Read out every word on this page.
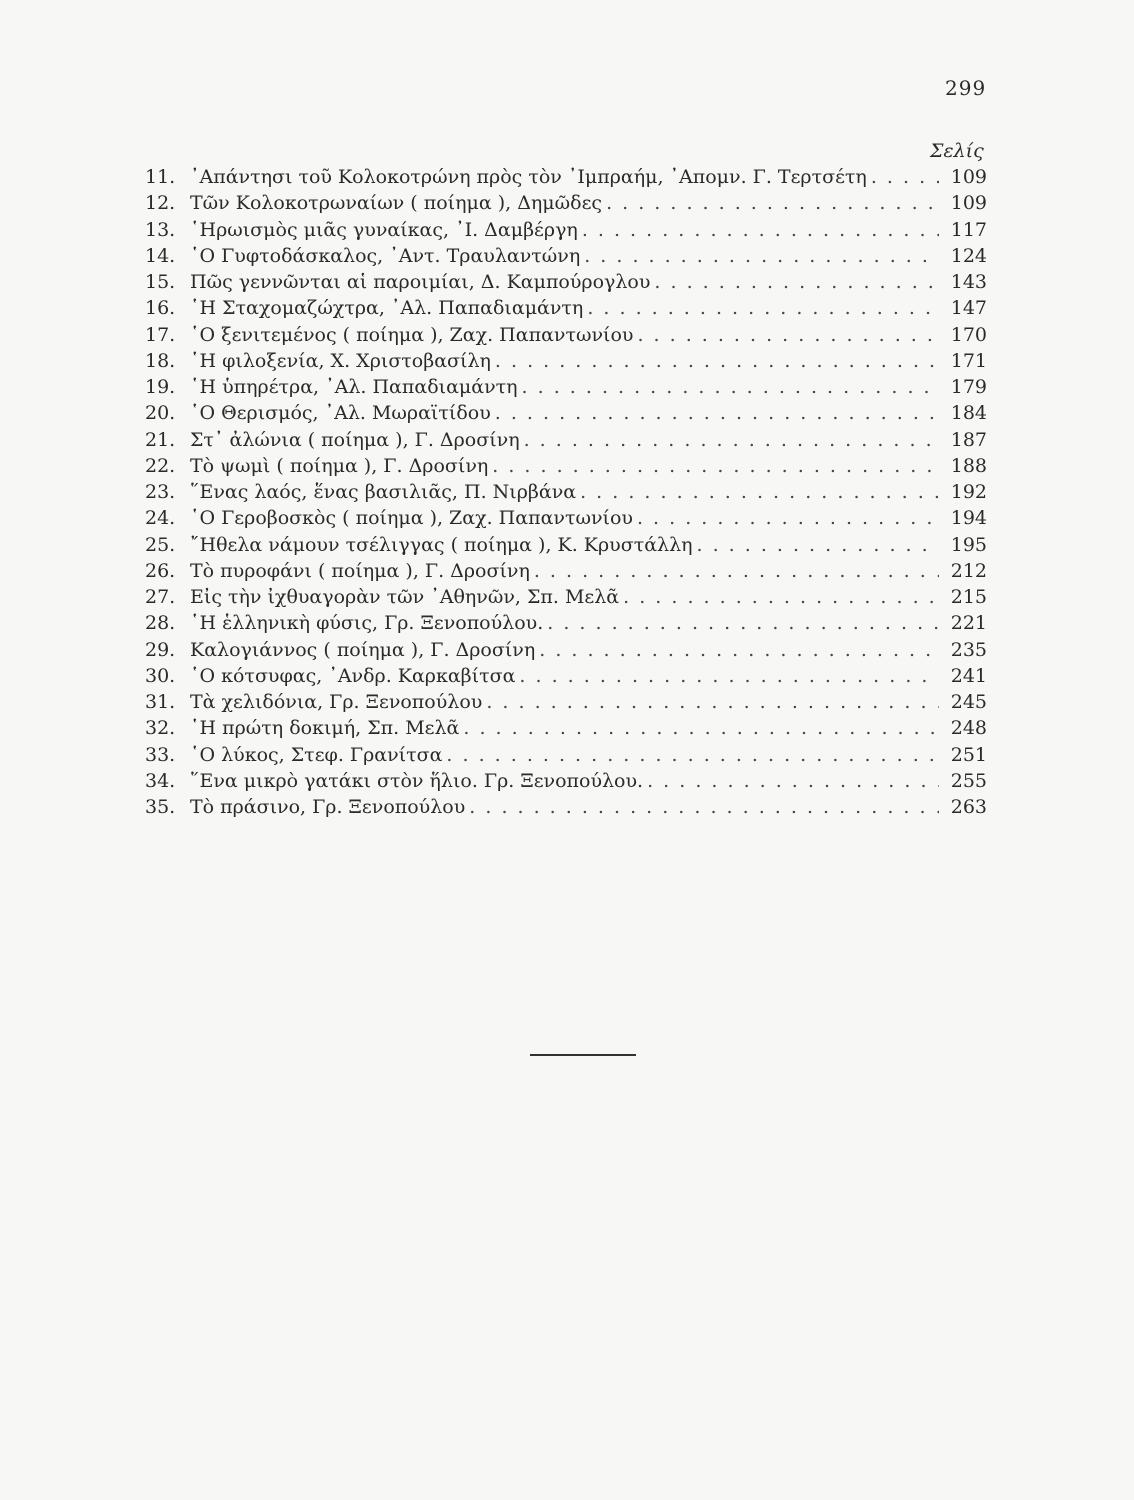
299
Σελίς
11. ᾿Απάντησι τοῦ Κολοκοτρώνη πρὸς τὸν ᾿Ιμπραήμ, ᾿Απομν. Γ. Τερτσέτη . . .	109
12. Τῶν Κολοκοτρωναίων ( ποίημα ), Δημῶδες . . .	109
13. ῾Ηρωισμὸς μιᾶς γυναίκας, ᾿Ι. Δαμβέργη . . .	117
14. ῾Ο Γυφτοδάσκαλος, ᾿Αντ. Τραυλαντώνη . . .	124
15. Πῶς γεννῶνται αἱ παροιμίαι, Δ. Καμπούρογλου . . .	143
16. ῾Η Σταχομαζώχτρα, ᾿Αλ. Παπαδιαμάντη . . .	147
17. ῾Ο ξενιτεμένος ( ποίημα ), Ζαχ. Παπαντωνίου . . .	170
18. ῾Η φιλοξενία, Χ. Χριστοβασίλη . . .	171
19. ῾Η ὑπηρέτρα, ᾿Αλ. Παπαδιαμάντη . . .	179
20. ῾Ο Θερισμός, ᾿Αλ. Μωραϊτίδου . . .	184
21. Στ᾿ ἀλώνια ( ποίημα ), Γ. Δροσίνη . . .	187
22. Τὸ ψωμὶ ( ποίημα ), Γ. Δροσίνη . . .	188
23. ῞Ενας λαός, ἕνας βασιλιᾶς, Π. Νιρβάνα . . .	192
24. ῾Ο Γεροβοσκὸς ( ποίημα ), Ζαχ. Παπαντωνίου . . .	194
25. ῎Ηθελα νάμουν τσέλιγγας ( ποίημα ), Κ. Κρυστάλλη . . .	195
26. Τὸ πυροφάνι ( ποίημα ), Γ. Δροσίνη . . .	212
27. Εἰς τὴν ἰχθυαγορὰν τῶν ᾿Αθηνῶν, Σπ. Μελᾶ . . .	215
28. ῾Η ἑλληνικὴ φύσις, Γρ. Ξενοπούλου. . . .	221
29. Καλογιάννος ( ποίημα ), Γ. Δροσίνη . . .	235
30. ῾Ο κότσυφας, ᾿Ανδρ. Καρκαβίτσα . . .	241
31. Τὰ χελιδόνια, Γρ. Ξενοπούλου . . .	245
32. ῾Η πρώτη δοκιμή, Σπ. Μελᾶ . . .	248
33. ῾Ο λύκος, Στεφ. Γρανίτσα . . .	251
34. ῞Ενα μικρὸ γατάκι στὸν ἥλιο. Γρ. Ξενοπούλου. . . .	255
35. Τὸ πράσινο, Γρ. Ξενοπούλου . . .	263
